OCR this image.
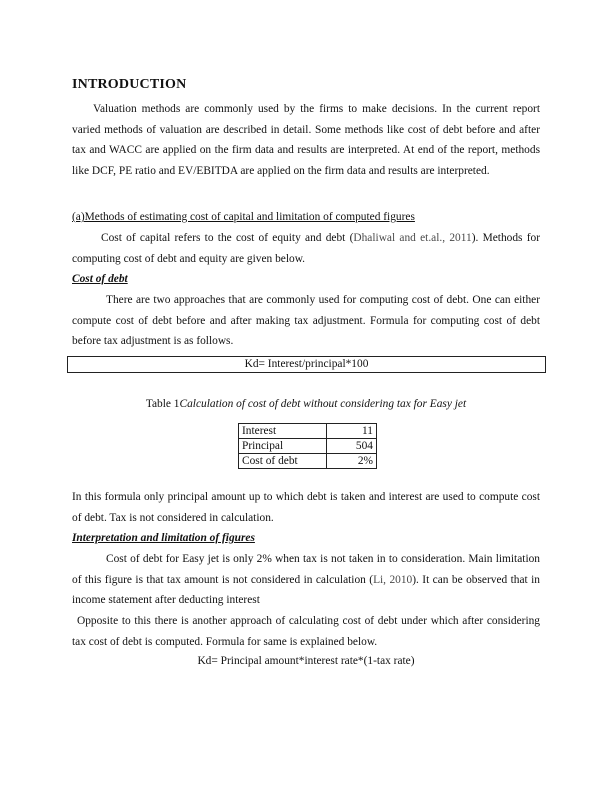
INTRODUCTION

Valuation methods are commonly used by the firms to make decisions. In the current report varied methods of valuation are described in detail. Some methods like cost of debt before and after tax and WACC are applied on the firm data and results are interpreted. At end of the report, methods like DCF, PE ratio and EV/EBITDA are applied on the firm data and results are interpreted.

(a)Methods of estimating cost of capital and limitation of computed figures

Cost of capital refers to the cost of equity and debt (Dhaliwal and et.al., 2011). Methods for computing cost of debt and equity are given below.

Cost of debt

There are two approaches that are commonly used for computing cost of debt. One can either compute cost of debt before and after making tax adjustment. Formula for computing cost of debt before tax adjustment is as follows.

Kd= Interest/principal*100
Table 1Calculation of cost of debt without considering tax for Easy jet
Interest	11
Principal	504
Cost of debt	2%

In this formula only principal amount up to which debt is taken and interest are used to compute cost of debt. Tax is not considered in calculation.

Interpretation and limitation of figures

Cost of debt for Easy jet is only 2% when tax is not taken in to consideration. Main limitation of this figure is that tax amount is not considered in calculation (Li, 2010). It can be observed that in income statement after deducting interest

Opposite to this there is another approach of calculating cost of debt under which after considering tax cost of debt is computed. Formula for same is explained below.

Kd= Principal amount*interest rate*(1-tax rate)
